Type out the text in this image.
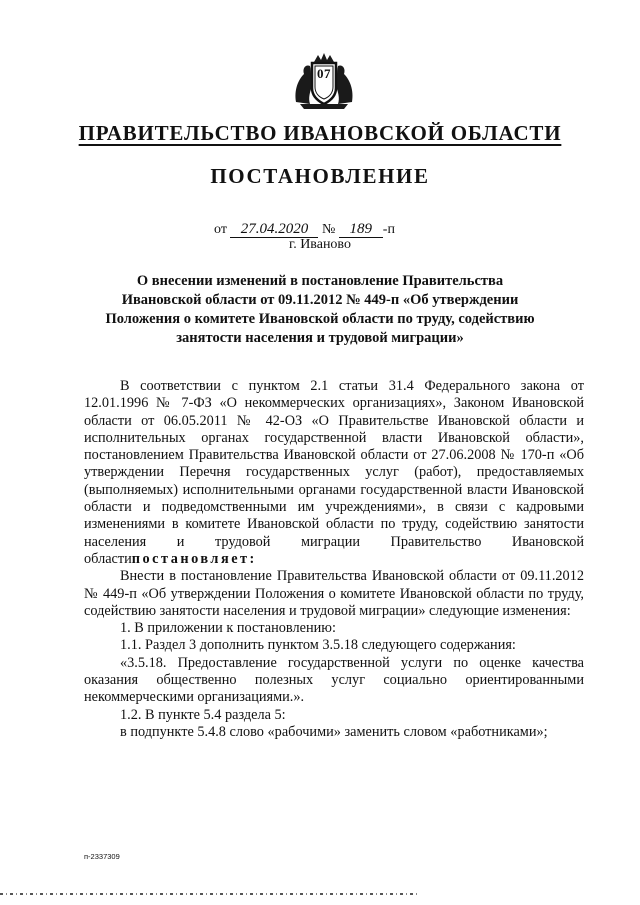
07
ПРАВИТЕЛЬСТВО ИВАНОВСКОЙ ОБЛАСТИ
ПОСТАНОВЛЕНИЕ
от 27.04.2020 № 189 -п
г. Иваново
О внесении изменений в постановление Правительства Ивановской области от 09.11.2012 № 449-п «Об утверждении Положения о комитете Ивановской области по труду, содействию занятости населения и трудовой миграции»

В соответствии с пунктом 2.1 статьи 31.4 Федерального закона от 12.01.1996 № 7-ФЗ «О некоммерческих организациях», Законом Ивановской области от 06.05.2011 № 42-ОЗ «О Правительстве Ивановской области и исполнительных органах государственной власти Ивановской области», постановлением Правительства Ивановской области от 27.06.2008 № 170-п «Об утверждении Перечня государственных услуг (работ), предоставляемых (выполняемых) исполнительными органами государственной власти Ивановской области и подведомственными им учреждениями», в связи с кадровыми изменениями в комитете Ивановской области по труду, содействию занятости населения и трудовой миграции Правительство Ивановской областипостановляет:

Внести в постановление Правительства Ивановской области от 09.11.2012 № 449-п «Об утверждении Положения о комитете Ивановской области по труду, содействию занятости населения и трудовой миграции» следующие изменения:

1. В приложении к постановлению:

1.1. Раздел 3 дополнить пунктом 3.5.18 следующего содержания:

«3.5.18. Предоставление государственной услуги по оценке качества оказания общественно полезных услуг социально ориентированными некоммерческими организациями.».

1.2. В пункте 5.4 раздела 5:

в подпункте 5.4.8 слово «рабочими» заменить словом «работниками»;

п-2337309
